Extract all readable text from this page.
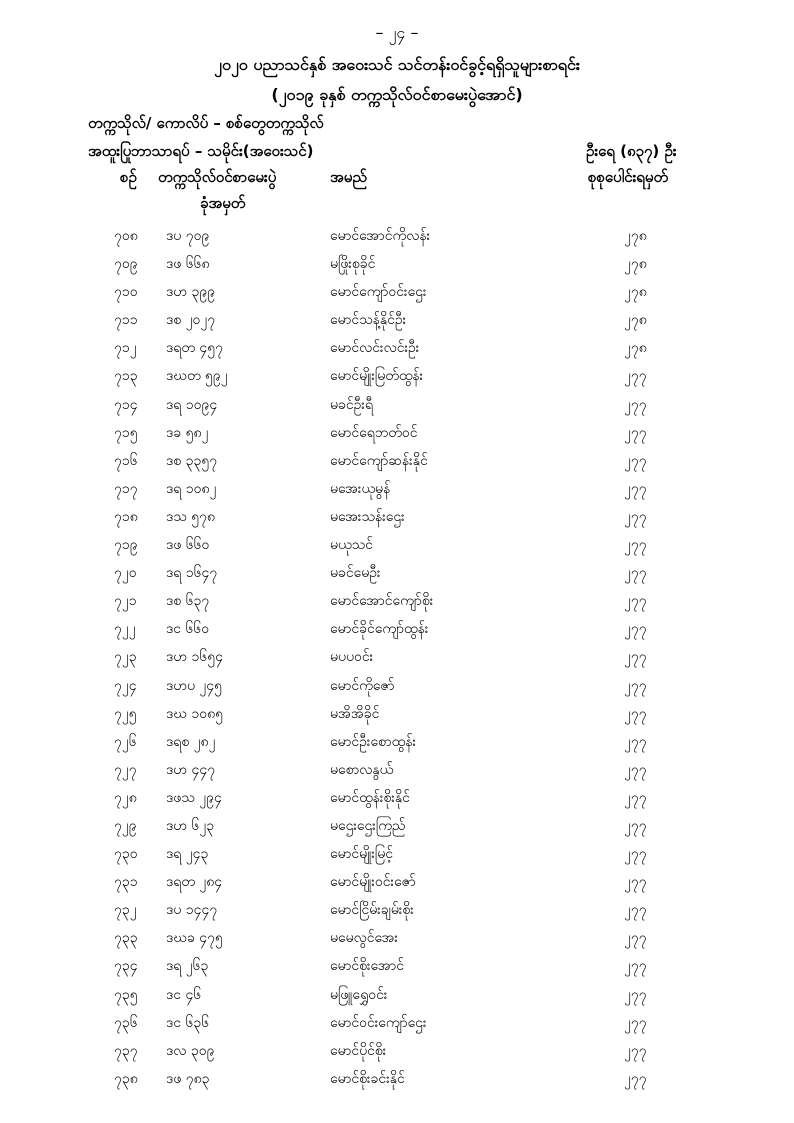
– ၂၄ –
၂၀၂၀ ပညာသင်နှစ် အဝေးသင် သင်တန်းဝင်ခွင့်ရရှိသူများစာရင်း
(၂၀၁၉ ခုနှစ် တက္ကသိုလ်ဝင်စာမေးပွဲအောင်)
တက္ကသိုလ်/ ကောလိပ် – စစ်တွေတက္ကသိုလ်
အထူးပြုဘာသာရပ် – သမိုင်း(အဝေးသင်)	ဦးရေ (၈၃၇) ဦး
စဉ် တက္ကသိုလ်ဝင်စာမေးပွဲ
ခုံအမှတ်
အမည်	စုစုပေါင်းရမှတ်
၇၀၈ ဒပ ၇၀၉	မောင်အောင်ကိုလန်း	၂၇၈
၇၀၉ ဒဖ ၆၆၈	မဖြိုးစုခိုင်	၂၇၈
၇၁၀ ဒဟ ၃၉၉	မောင်ကျော်ဝင်းဌေး	၂၇၈
၇၁၁ ဒစ ၂၀၂၇	မောင်သန့်နိုင်ဦး	၂၇၈
၇၁၂ ဒရတ ၄၅၇	မောင်လင်းလင်းဦး	၂၇၈
၇၁၃ ဒဃတ ၅၉၂	မောင်မျိုးမြတ်ထွန်း	၂၇၇
၇၁၄ ဒရ ၁၀၉၄	မခင်ဦးရီ	၂၇၇
၇၁၅ ဒခ ၅၈၂	မောင်ရေဘတ်ဝင်	၂၇၇
၇၁၆ ဒစ ၃၃၅၇	မောင်ကျော်ဆန်းနိုင်	၂၇၇
၇၁၇ ဒရ ၁၀၈၂	မအေးယုမွန်	၂၇၇
၇၁၈ ဒသ ၅၇၈	မအေးသန်းဌေး	၂၇၇
၇၁၉ ဒဖ ၆၆၀	မယုသင်	၂၇၇
၇၂၀ ဒရ ၁၆၄၇	မခင်မေဦး	၂၇၇
၇၂၁ ဒစ ၆၃၇	မောင်အောင်ကျော်စိုး	၂၇၇
၇၂၂ ဒင ၆၆၀	မောင်ခိုင်ကျော်ထွန်း	၂၇၇
၇၂၃ ဒဟ ၁၆၅၄	မပပဝင်း	၂၇၇
၇၂၄ ဒဟပ ၂၄၅	မောင်ကိုဇော်	၂၇၇
၇၂၅ ဒဃ ၁၀၈၅	မအိအိခိုင်	၂၇၇
၇၂၆ ဒရစ ၂၈၂	မောင်ဦးစောထွန်း	၂၇၇
၇၂၇ ဒဟ ၄၄၇	မစောလနွယ်	၂၇၇
၇၂၈ ဒဖသ ၂၉၄	မောင်ထွန်းစိုးနိုင်	၂၇၇
၇၂၉ ဒဟ ၆၂၃	မဌေးဌေးကြည်	၂၇၇
၇၃၀ ဒရ ၂၄၃	မောင်မျိုးမြင့်	၂၇၇
၇၃၁ ဒရတ ၂၈၄	မောင်မျိုးဝင်းဇော်	၂၇၇
၇၃၂ ဒပ ၁၄၄၇	မောင်ငြိမ်းချမ်းစိုး	၂၇၇
၇၃၃ ဒဃခ ၄၇၅	မမေလွင်အေး	၂၇၇
၇၃၄ ဒရ ၂၆၃	မောင်စိုးအောင်	၂၇၇
၇၃၅ ဒင ၄၆	မဖြူရွှေဝင်း	၂၇၇
၇၃၆ ဒင ၆၃၆	မောင်ဝင်းကျော်ဌေး	၂၇၇
၇၃၇ ဒလ ၃၀၉	မောင်ပိုင်စိုး	၂၇၇
၇၃၈ ဒဖ ၇၈၃	မောင်စိုးခင်းနိုင်	၂၇၇
